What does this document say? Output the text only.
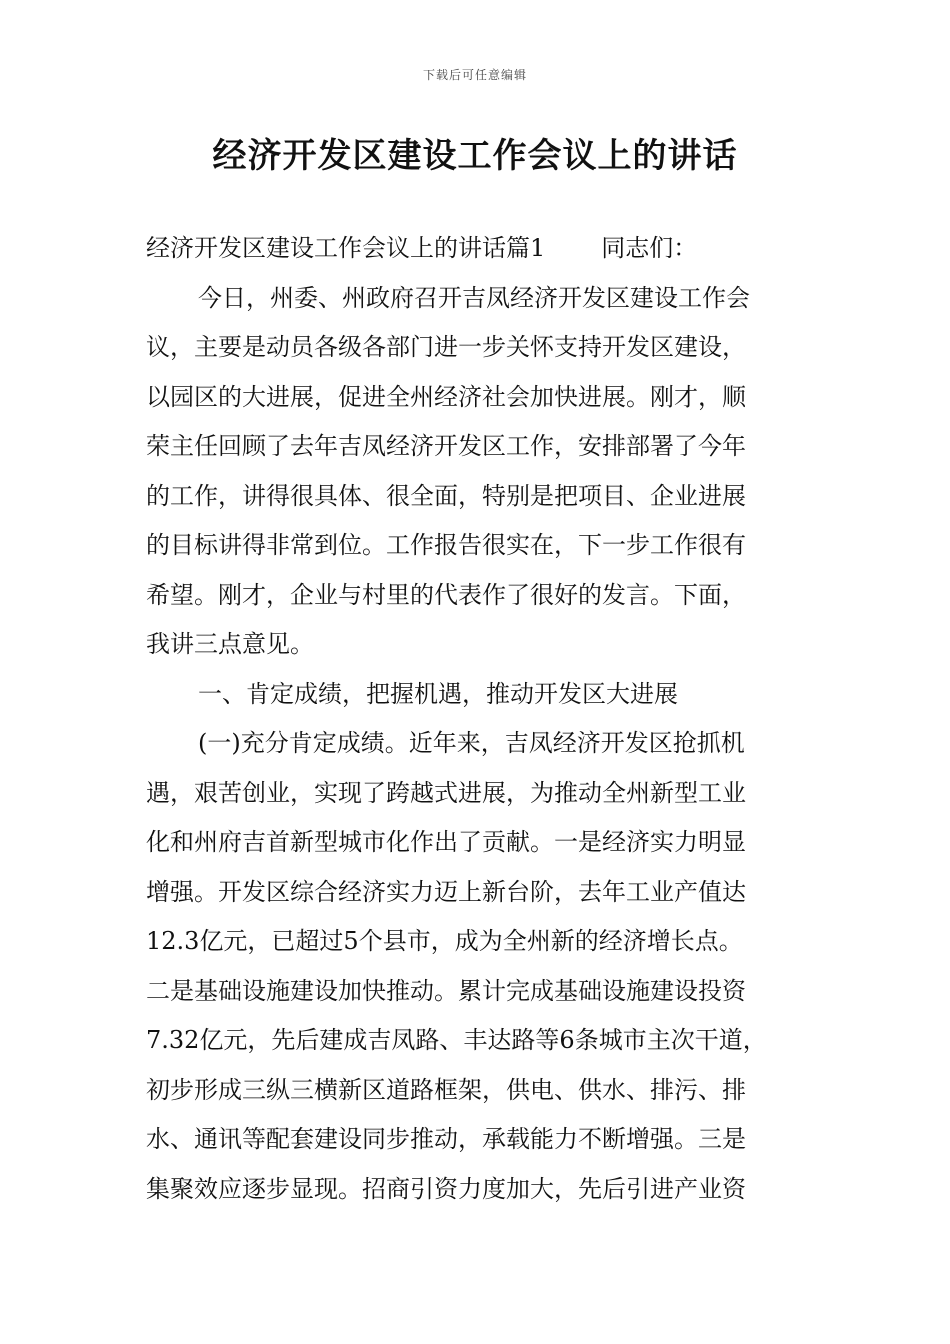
下载后可任意编辑
经济开发区建设工作会议上的讲话
经济开发区建设工作会议上的讲话篇1 同志们：
今日，州委、州政府召开吉凤经济开发区建设工作会
议，主要是动员各级各部门进一步关怀支持开发区建设，
以园区的大进展，促进全州经济社会加快进展。刚才，顺
荣主任回顾了去年吉凤经济开发区工作，安排部署了今年
的工作，讲得很具体、很全面，特别是把项目、企业进展
的目标讲得非常到位。工作报告很实在，下一步工作很有
希望。刚才，企业与村里的代表作了很好的发言。下面，
我讲三点意见。
一、肯定成绩，把握机遇，推动开发区大进展
(一)充分肯定成绩。近年来，吉凤经济开发区抢抓机
遇，艰苦创业，实现了跨越式进展，为推动全州新型工业
化和州府吉首新型城市化作出了贡献。一是经济实力明显
增强。开发区综合经济实力迈上新台阶，去年工业产值达
12.3亿元，已超过5个县市，成为全州新的经济增长点。
二是基础设施建设加快推动。累计完成基础设施建设投资
7.32亿元，先后建成吉凤路、丰达路等6条城市主次干道，
初步形成三纵三横新区道路框架，供电、供水、排污、排
水、通讯等配套建设同步推动，承载能力不断增强。三是
集聚效应逐步显现。招商引资力度加大，先后引进产业资
